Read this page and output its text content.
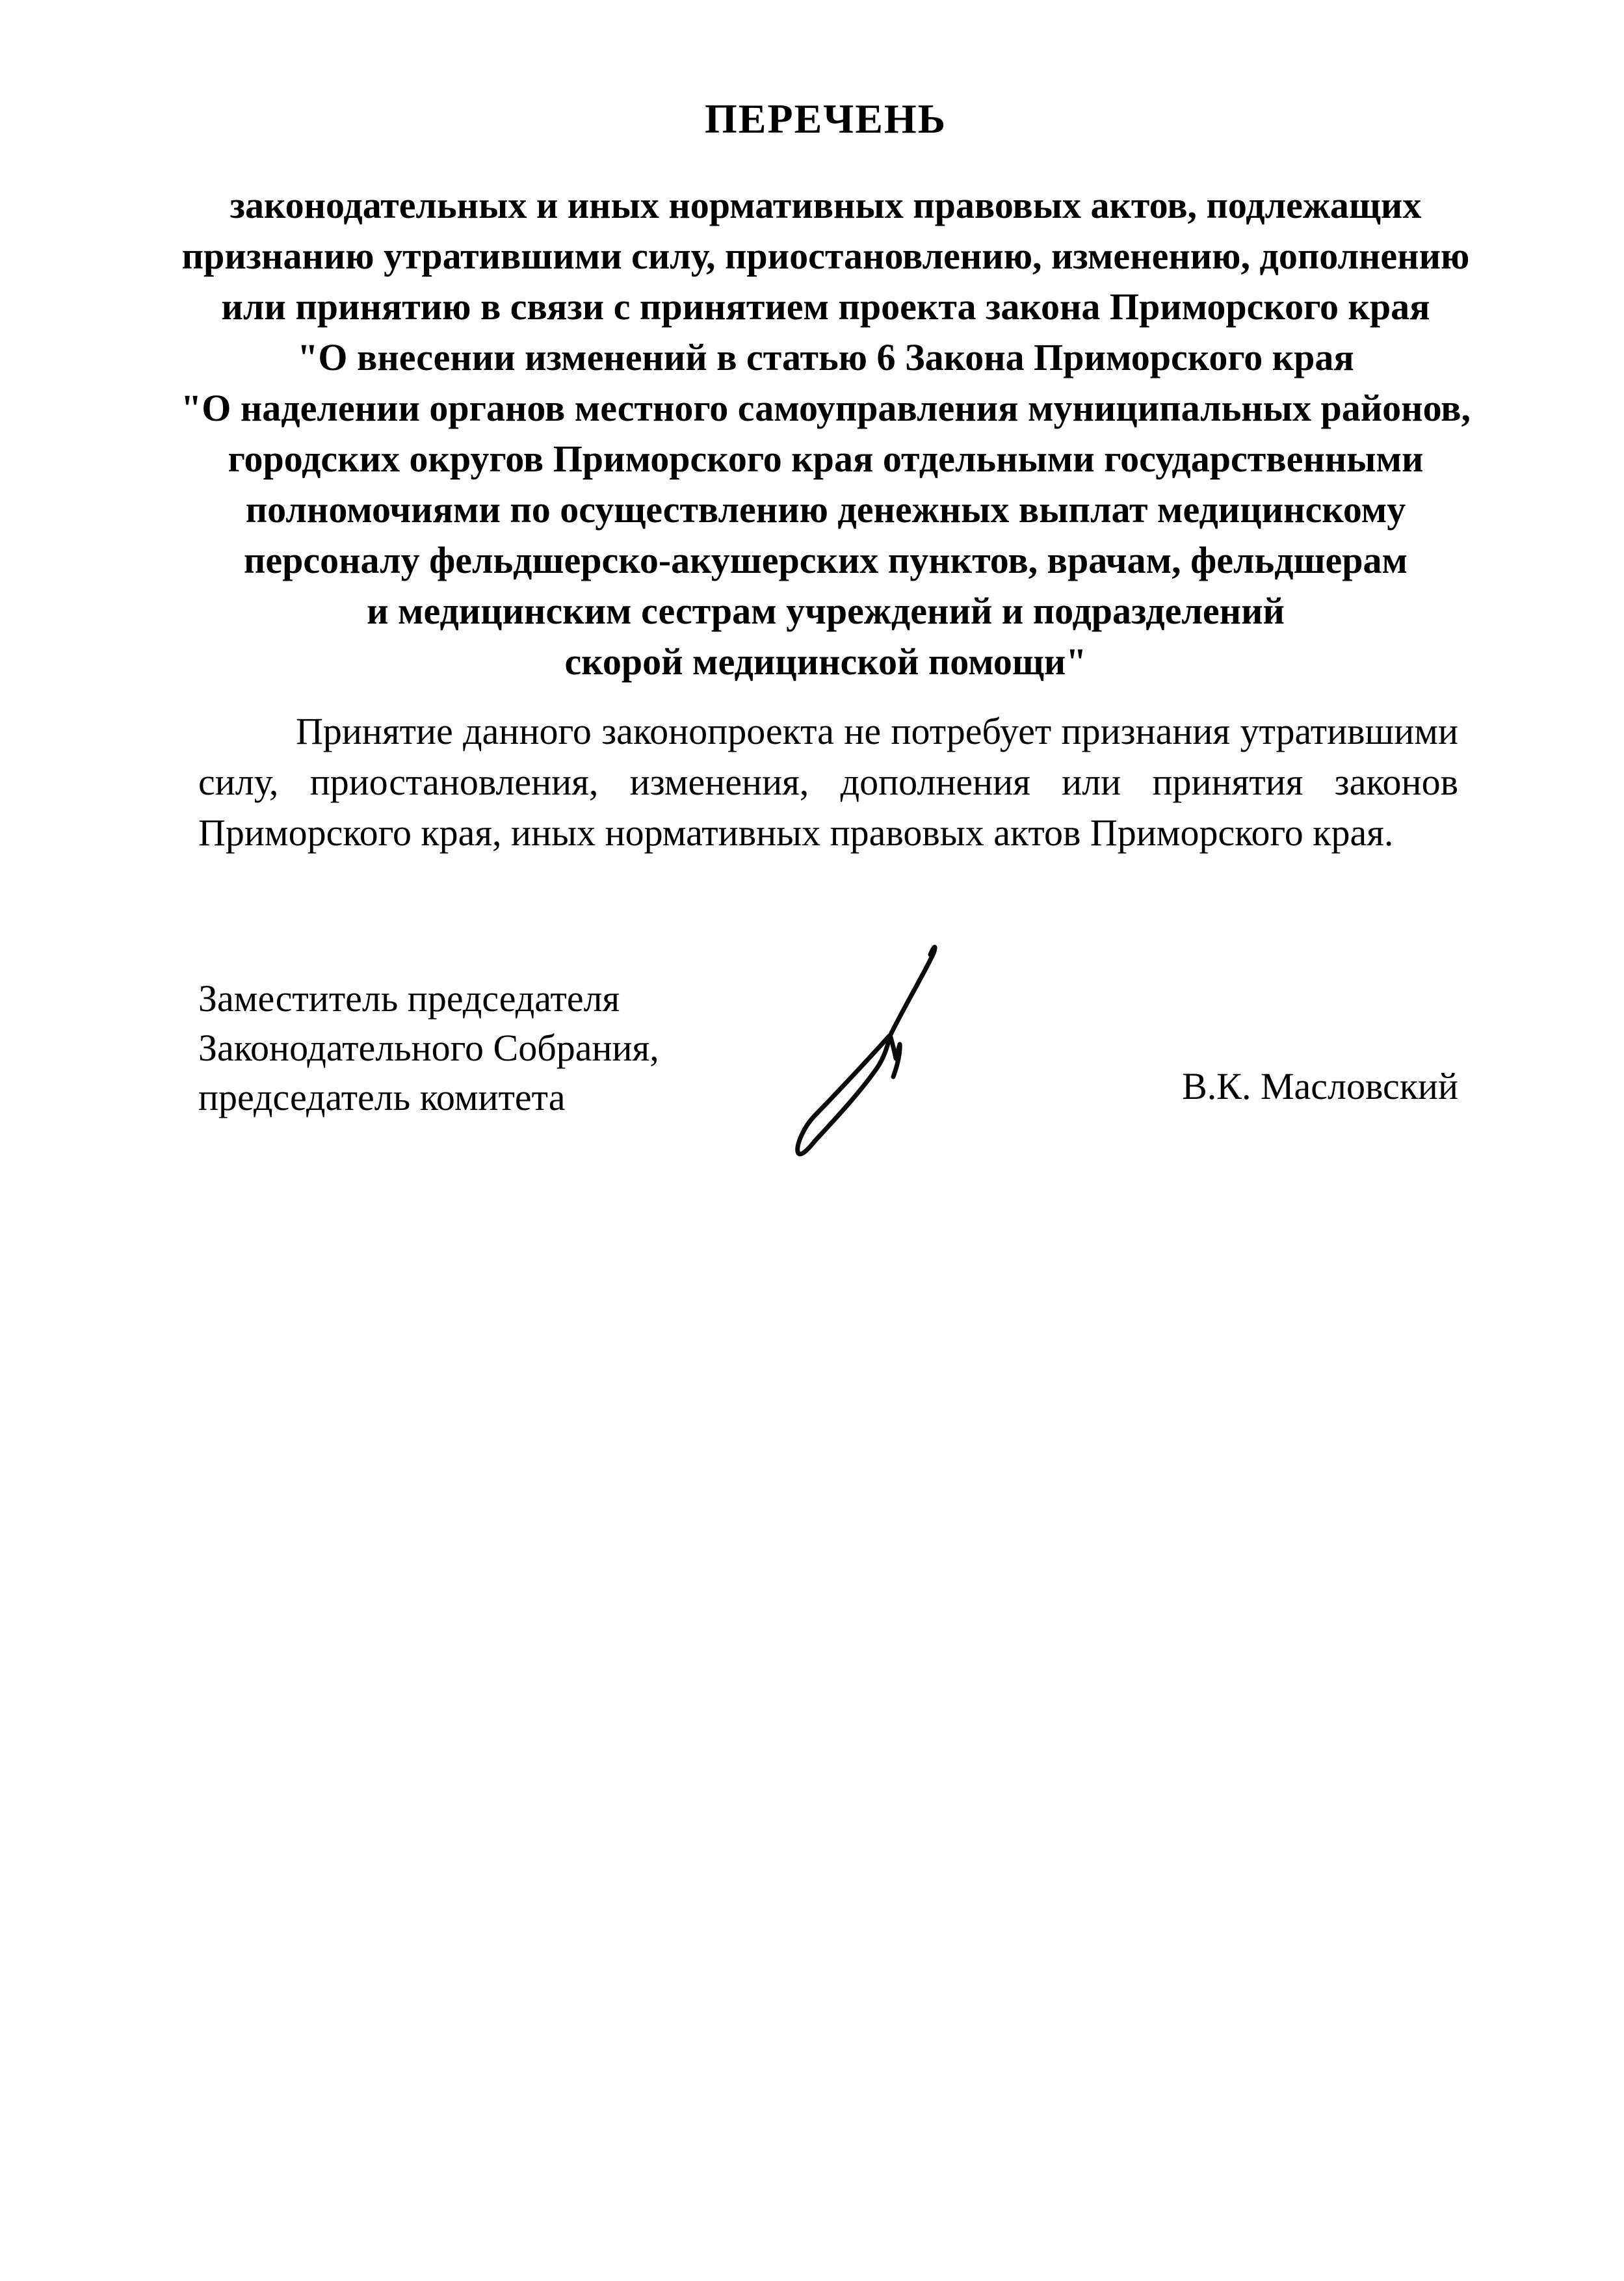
ПЕРЕЧЕНЬ
законодательных и иных нормативных правовых актов, подлежащих
признанию утратившими силу, приостановлению, изменению, дополнению
или принятию в связи с принятием проекта закона Приморского края
"О внесении изменений в статью 6 Закона Приморского края
"О наделении органов местного самоуправления муниципальных районов,
городских округов Приморского края отдельными государственными
полномочиями по осуществлению денежных выплат медицинскому
персоналу фельдшерско-акушерских пунктов, врачам, фельдшерам
и медицинским сестрам учреждений и подразделений
скорой медицинской помощи"
Принятие данного законопроекта не потребует признания утратившими
силу, приостановления, изменения, дополнения или принятия законов
Приморского края, иных нормативных правовых актов Приморского края.
Заместитель председателя
Законодательного Собрания,
председатель комитета	В.К. Масловский
